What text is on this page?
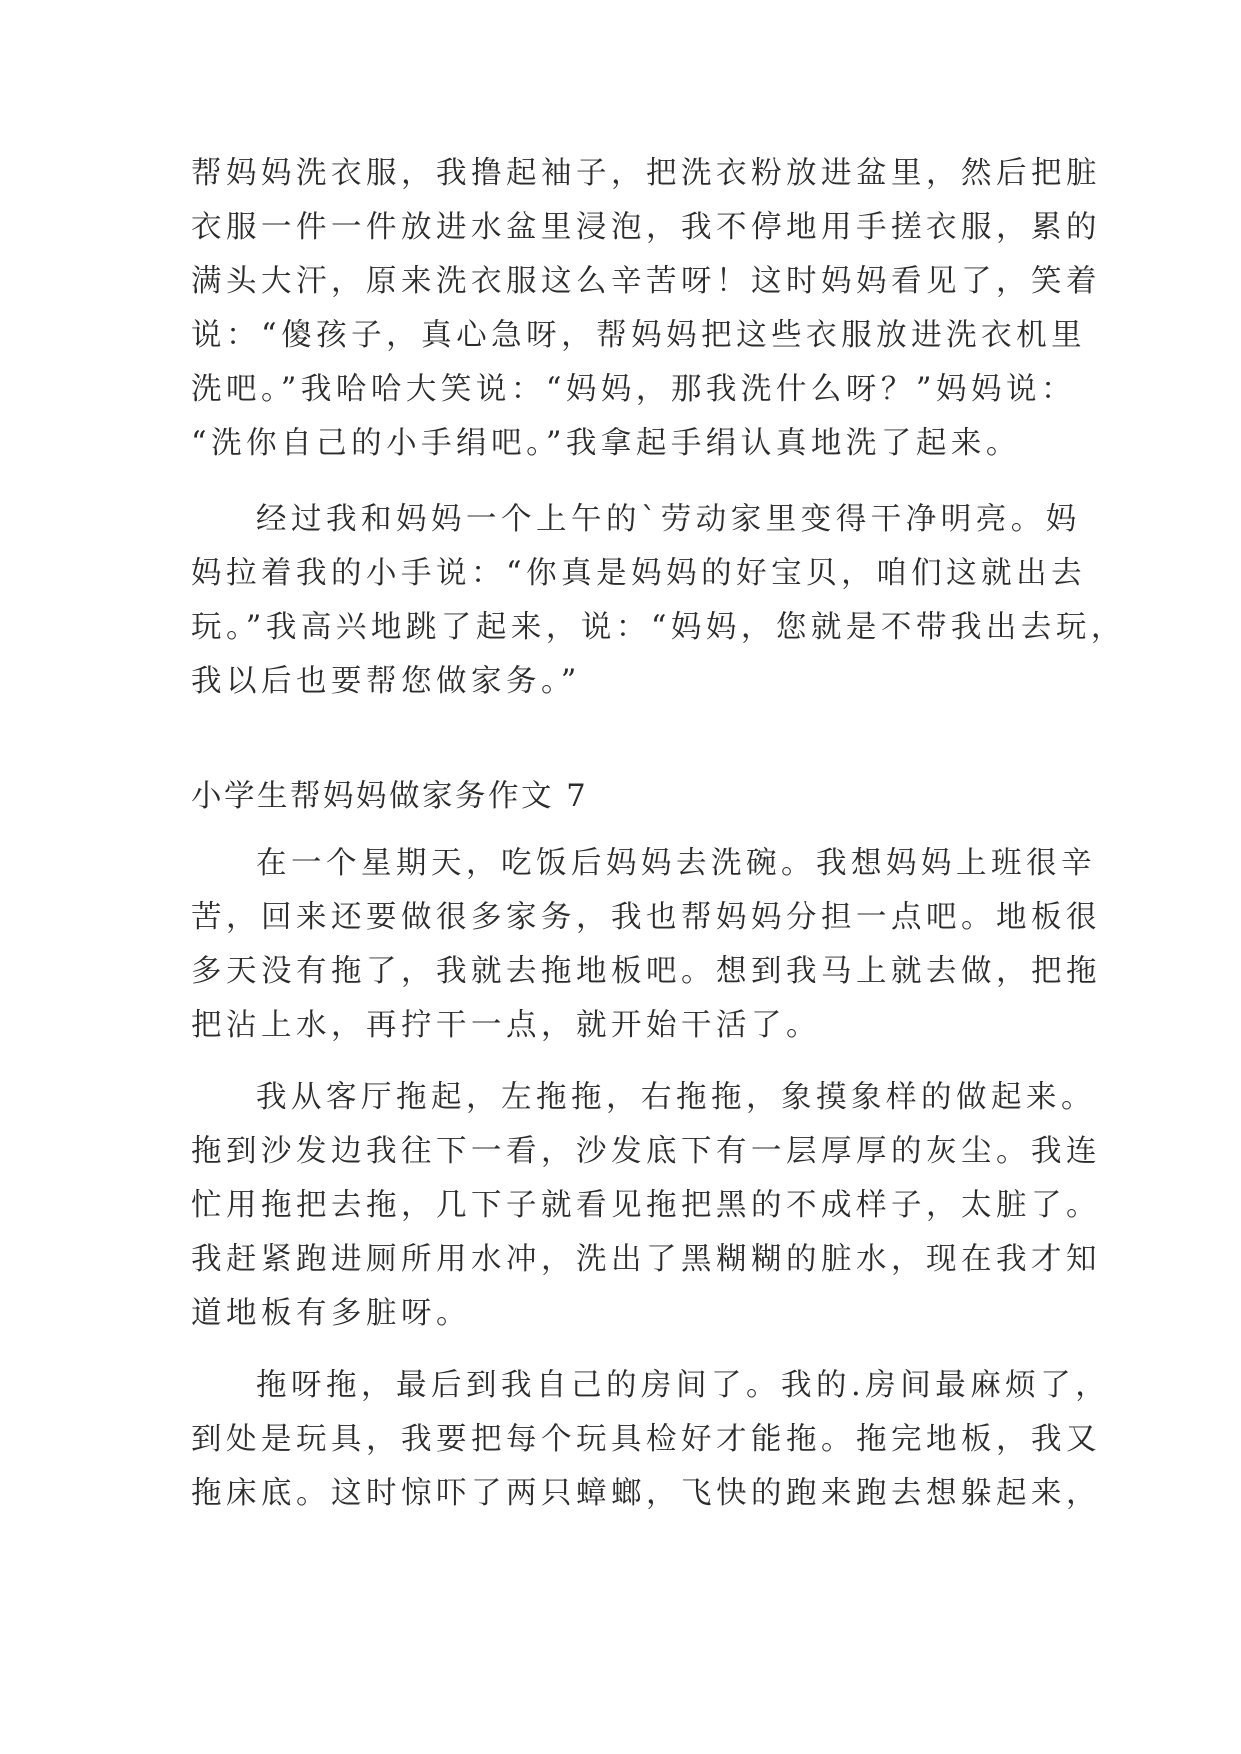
帮妈妈洗衣服，我撸起袖子，把洗衣粉放进盆里，然后把脏

衣服一件一件放进水盆里浸泡，我不停地用手搓衣服，累的

满头大汗，原来洗衣服这么辛苦呀！这时妈妈看见了，笑着

说：“傻孩子，真心急呀，帮妈妈把这些衣服放进洗衣机里

洗吧。”我哈哈大笑说：“妈妈，那我洗什么呀？”妈妈说：

“洗你自己的小手绢吧。”我拿起手绢认真地洗了起来。

经过我和妈妈一个上午的`劳动家里变得干净明亮。妈

妈拉着我的小手说：“你真是妈妈的好宝贝，咱们这就出去

玩。”我高兴地跳了起来，说：“妈妈，您就是不带我出去玩，

我以后也要帮您做家务。”

小学生帮妈妈做家务作文 7

在一个星期天，吃饭后妈妈去洗碗。我想妈妈上班很辛

苦，回来还要做很多家务，我也帮妈妈分担一点吧。地板很

多天没有拖了，我就去拖地板吧。想到我马上就去做，把拖

把沾上水，再拧干一点，就开始干活了。

我从客厅拖起，左拖拖，右拖拖，象摸象样的做起来。

拖到沙发边我往下一看，沙发底下有一层厚厚的灰尘。我连

忙用拖把去拖，几下子就看见拖把黑的不成样子，太脏了。

我赶紧跑进厕所用水冲，洗出了黑糊糊的脏水，现在我才知

道地板有多脏呀。

拖呀拖，最后到我自己的房间了。我的.房间最麻烦了，

到处是玩具，我要把每个玩具检好才能拖。拖完地板，我又

拖床底。这时惊吓了两只蟑螂，飞快的跑来跑去想躲起来，
